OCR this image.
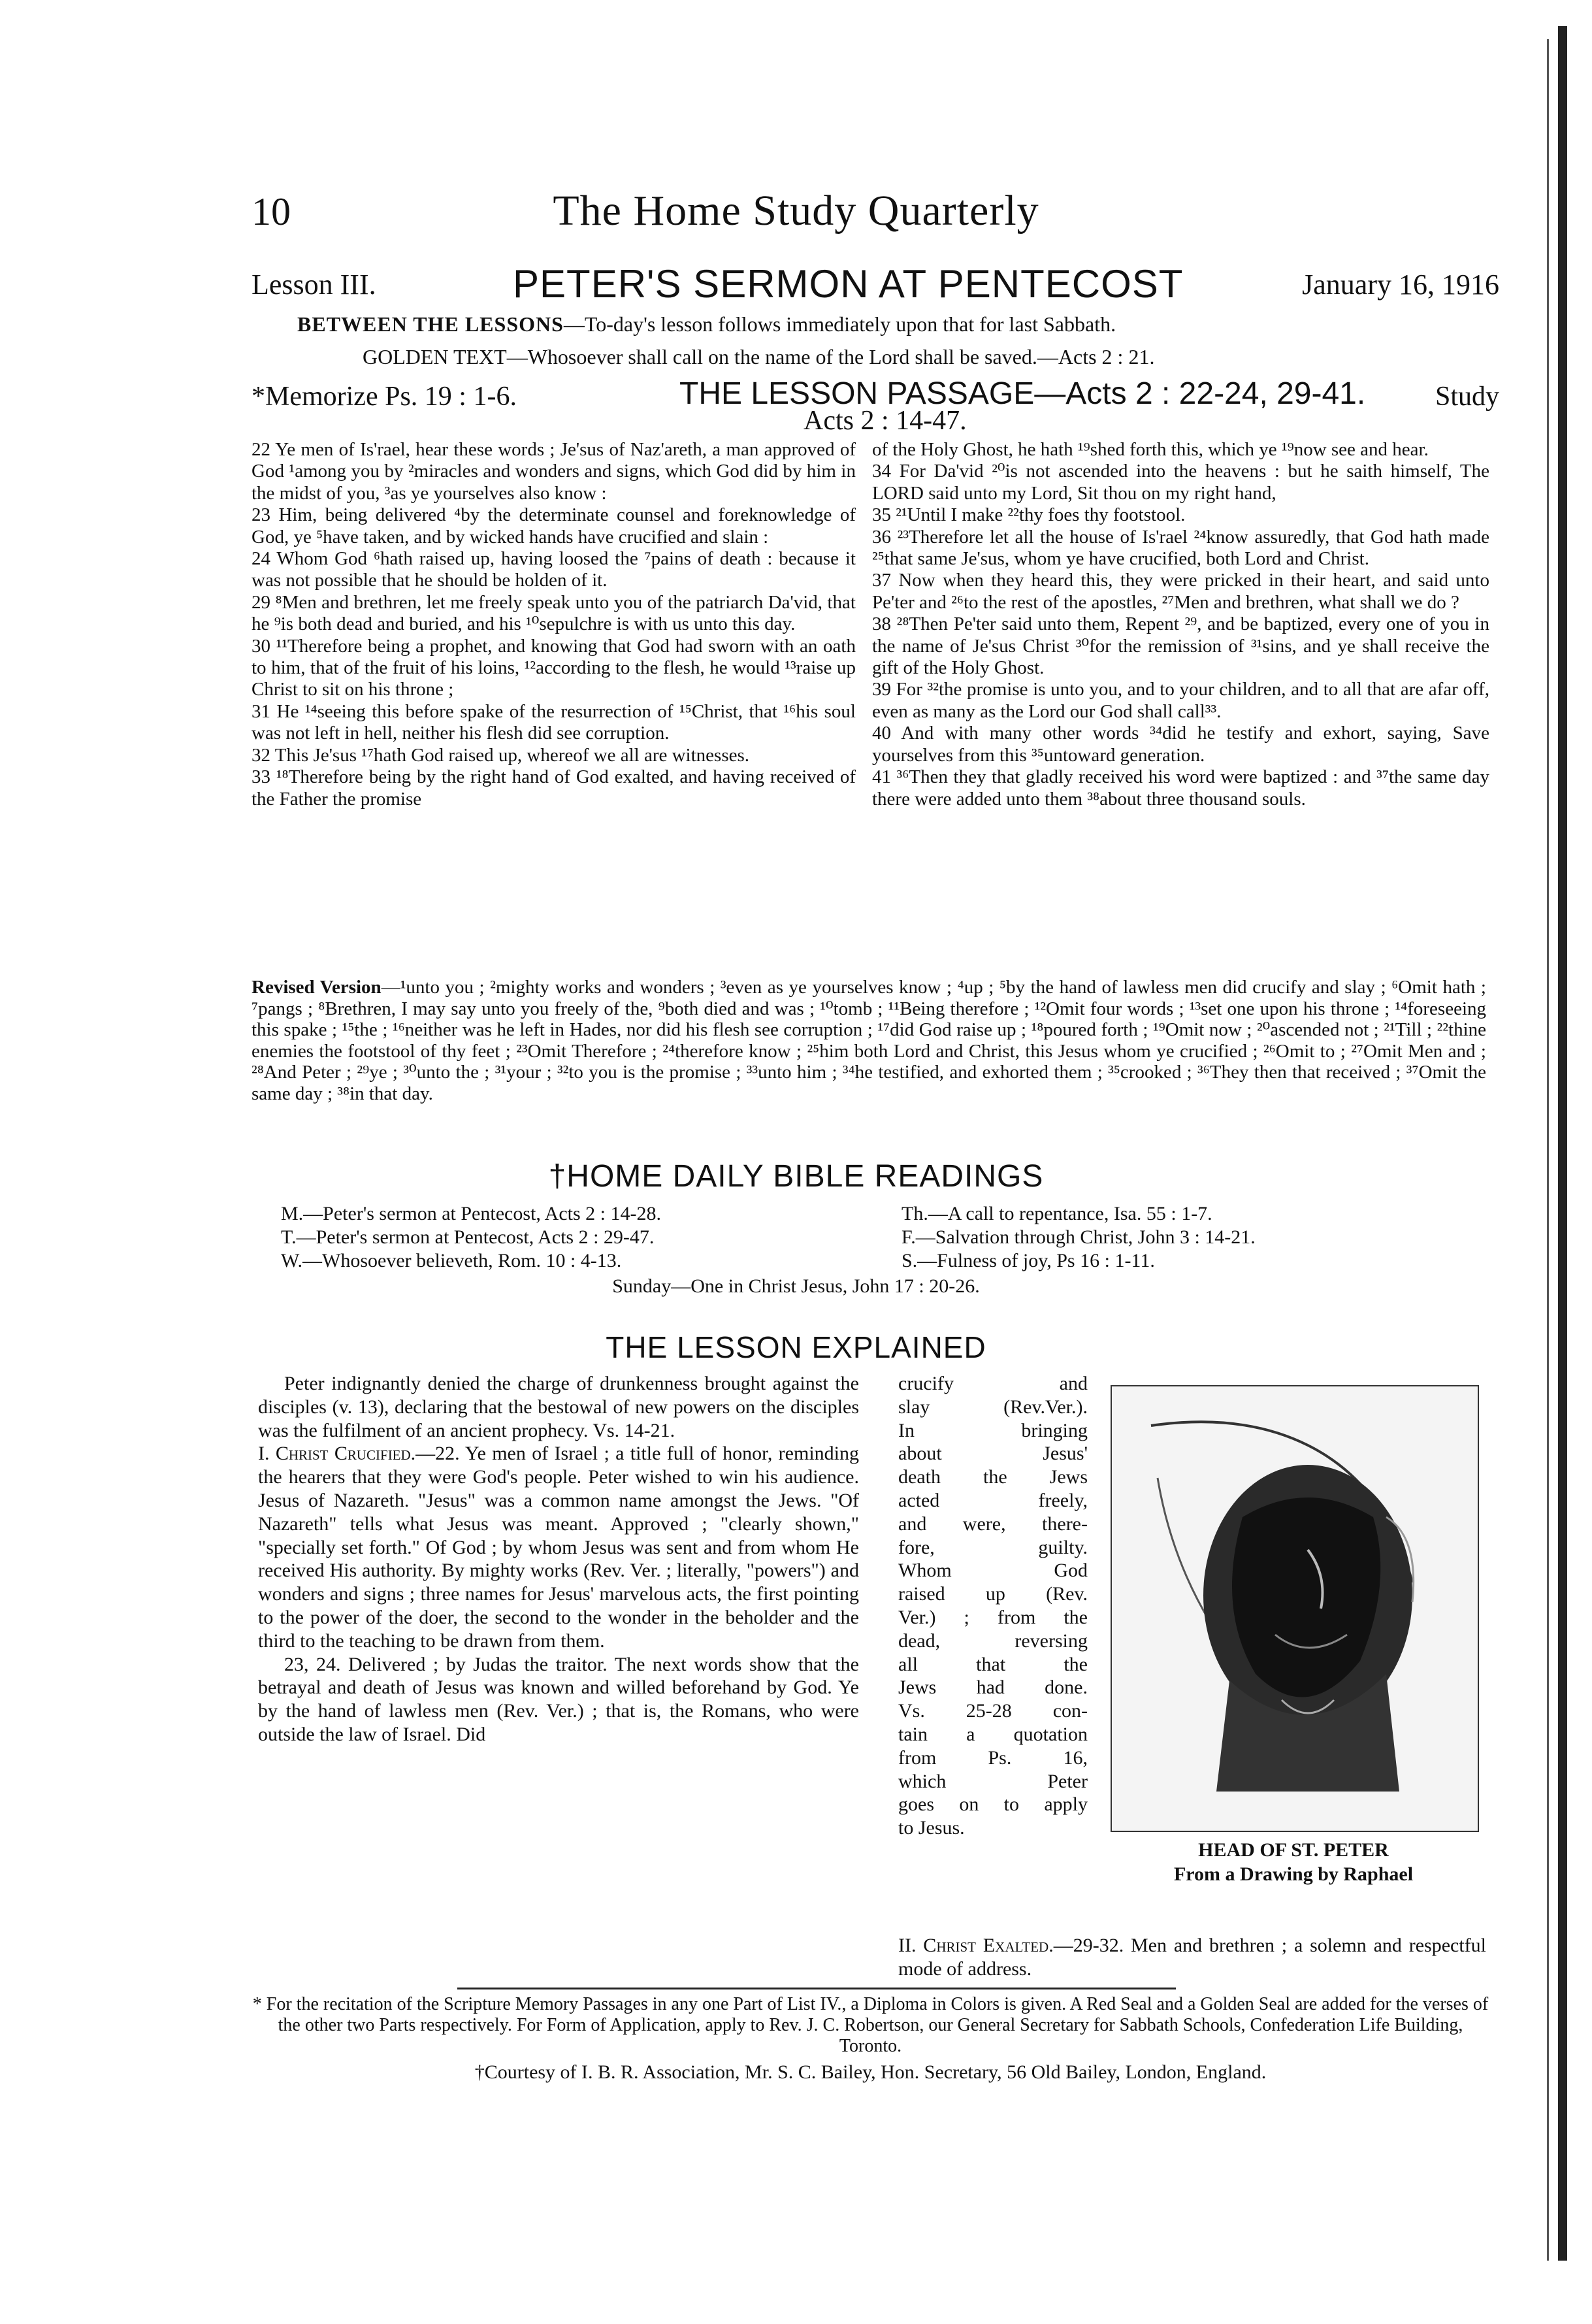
10	The Home Study Quarterly
Lesson III.	PETER'S SERMON AT PENTECOST	January 16, 1916
BETWEEN THE LESSONS—To-day's lesson follows immediately upon that for last Sabbath.
GOLDEN TEXT—Whosoever shall call on the name of the Lord shall be saved.—Acts 2 : 21.
*Memorize Ps. 19 : 1-6.	THE LESSON PASSAGE—Acts 2 : 22-24, 29-41.	Study
Acts 2 : 14-47.

22 Ye men of Is'rael, hear these words ; Je'sus of Naz'areth, a man approved of God ¹among you by ²miracles and wonders and signs, which God did by him in the midst of you, ³as ye yourselves also know :

23 Him, being delivered ⁴by the determinate counsel and foreknowledge of God, ye ⁵have taken, and by wicked hands have crucified and slain :

24 Whom God ⁶hath raised up, having loosed the ⁷pains of death : because it was not possible that he should be holden of it.

29 ⁸Men and brethren, let me freely speak unto you of the patriarch Da'vid, that he ⁹is both dead and buried, and his ¹⁰sepulchre is with us unto this day.

30 ¹¹Therefore being a prophet, and knowing that God had sworn with an oath to him, that of the fruit of his loins, ¹²according to the flesh, he would ¹³raise up Christ to sit on his throne ;

31 He ¹⁴seeing this before spake of the resurrection of ¹⁵Christ, that ¹⁶his soul was not left in hell, neither his flesh did see corruption.

32 This Je'sus ¹⁷hath God raised up, whereof we all are witnesses.

33 ¹⁸Therefore being by the right hand of God exalted, and having received of the Father the promise

of the Holy Ghost, he hath ¹⁹shed forth this, which ye ¹⁹now see and hear.

34 For Da'vid ²⁰is not ascended into the heavens : but he saith himself, The LORD said unto my Lord, Sit thou on my right hand,

35 ²¹Until I make ²²thy foes thy footstool.

36 ²³Therefore let all the house of Is'rael ²⁴know assuredly, that God hath made ²⁵that same Je'sus, whom ye have crucified, both Lord and Christ.

37 Now when they heard this, they were pricked in their heart, and said unto Pe'ter and ²⁶to the rest of the apostles, ²⁷Men and brethren, what shall we do ?

38 ²⁸Then Pe'ter said unto them, Repent ²⁹, and be baptized, every one of you in the name of Je'sus Christ ³⁰for the remission of ³¹sins, and ye shall receive the gift of the Holy Ghost.

39 For ³²the promise is unto you, and to your children, and to all that are afar off, even as many as the Lord our God shall call³³.

40 And with many other words ³⁴did he testify and exhort, saying, Save yourselves from this ³⁵untoward generation.

41 ³⁶Then they that gladly received his word were baptized : and ³⁷the same day there were added unto them ³⁸about three thousand souls.

Revised Version—¹unto you ; ²mighty works and wonders ; ³even as ye yourselves know ; ⁴up ; ⁵by the hand of lawless men did crucify and slay ; ⁶Omit hath ; ⁷pangs ; ⁸Brethren, I may say unto you freely of the, ⁹both died and was ; ¹⁰tomb ; ¹¹Being therefore ; ¹²Omit four words ; ¹³set one upon his throne ; ¹⁴foreseeing this spake ; ¹⁵the ; ¹⁶neither was he left in Hades, nor did his flesh see corruption ; ¹⁷did God raise up ; ¹⁸poured forth ; ¹⁹Omit now ; ²⁰ascended not ; ²¹Till ; ²²thine enemies the footstool of thy feet ; ²³Omit Therefore ; ²⁴therefore know ; ²⁵him both Lord and Christ, this Jesus whom ye crucified ; ²⁶Omit to ; ²⁷Omit Men and ; ²⁸And Peter ; ²⁹ye ; ³⁰unto the ; ³¹your ; ³²to you is the promise ; ³³unto him ; ³⁴he testified, and exhorted them ; ³⁵crooked ; ³⁶They then that received ; ³⁷Omit the same day ; ³⁸in that day.
†HOME DAILY BIBLE READINGS
M.—Peter's sermon at Pentecost, Acts 2 : 14-28.
T.—Peter's sermon at Pentecost, Acts 2 : 29-47.
W.—Whosoever believeth, Rom. 10 : 4-13.
Th.—A call to repentance, Isa. 55 : 1-7.
F.—Salvation through Christ, John 3 : 14-21.
S.—Fulness of joy, Ps 16 : 1-11.
Sunday—One in Christ Jesus, John 17 : 20-26.
THE LESSON EXPLAINED

Peter indignantly denied the charge of drunkenness brought against the disciples (v. 13), declaring that the bestowal of new powers on the disciples was the fulfilment of an ancient prophecy. Vs. 14-21.

I. Christ Crucified.—22. Ye men of Israel ; a title full of honor, reminding the hearers that they were God's people. Peter wished to win his audience. Jesus of Nazareth. "Jesus" was a common name amongst the Jews. "Of Nazareth" tells what Jesus was meant. Approved ; "clearly shown," "specially set forth." Of God ; by whom Jesus was sent and from whom He received His authority. By mighty works (Rev. Ver. ; literally, "powers") and wonders and signs ; three names for Jesus' marvelous acts, the first pointing to the power of the doer, the second to the wonder in the beholder and the third to the teaching to be drawn from them.

23, 24. Delivered ; by Judas the traitor. The next words show that the betrayal and death of Jesus was known and willed beforehand by God. Ye by the hand of lawless men (Rev. Ver.) ; that is, the Romans, who were outside the law of Israel. Did

crucify and
slay (Rev.Ver.).
In bringing
about Jesus'
death the Jews
acted freely,
and were, there-
fore, guilty.
Whom God
raised up (Rev.
Ver.) ; from the
dead, reversing
all that the
Jews had done.
Vs. 25-28 con-
tain a quotation
from Ps. 16,
which Peter
goes on to apply
to Jesus.
HEAD OF ST. PETER
From a Drawing by Raphael
II. Christ Exalted.—29-32. Men and brethren ; a solemn and respectful mode of address.
* For the recitation of the Scripture Memory Passages in any one Part of List IV., a Diploma in Colors is given. A Red Seal and a Golden Seal are added for the verses of the other two Parts respectively. For Form of Application, apply to Rev. J. C. Robertson, our General Secretary for Sabbath Schools, Confederation Life Building, Toronto.
†Courtesy of I. B. R. Association, Mr. S. C. Bailey, Hon. Secretary, 56 Old Bailey, London, England.
